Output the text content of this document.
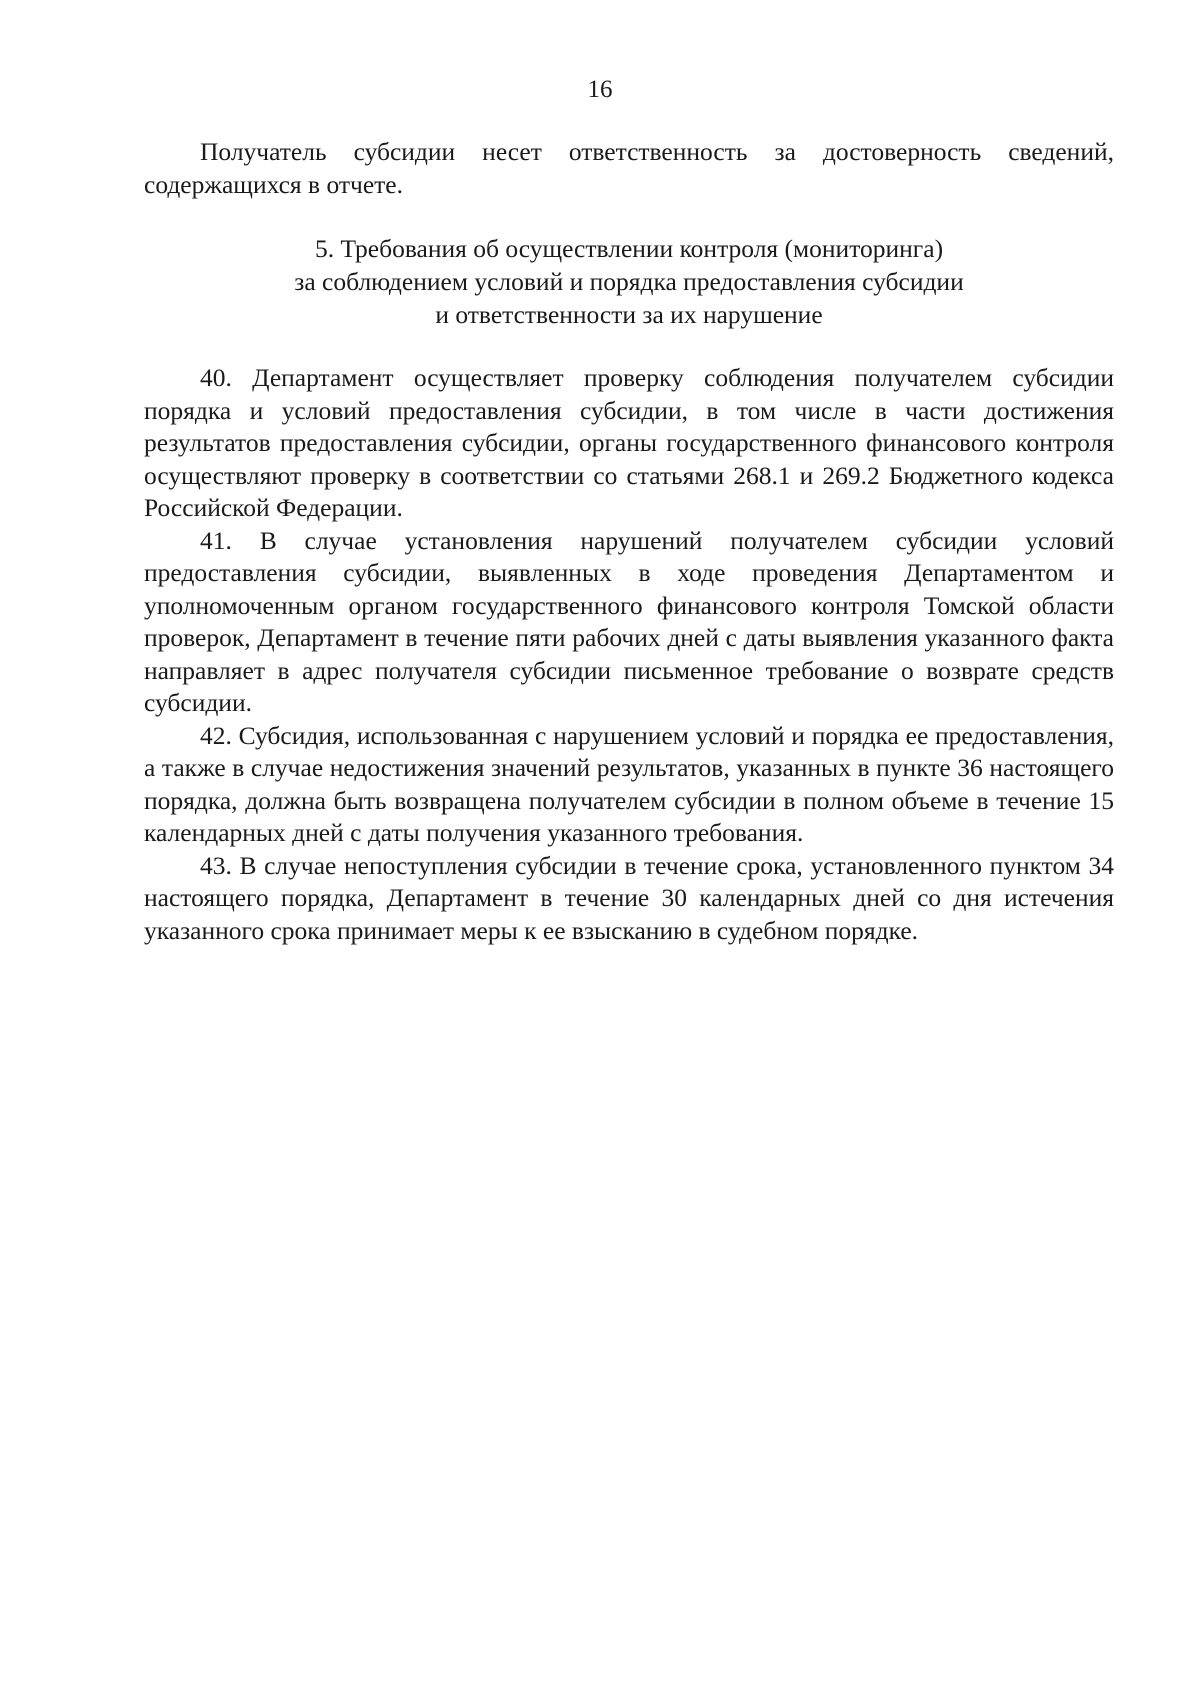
16

Получатель субсидии несет ответственность за достоверность сведений, содержащихся в отчете.

5. Требования об осуществлении контроля (мониторинга)
за соблюдением условий и порядка предоставления субсидии
и ответственности за их нарушение

40. Департамент осуществляет проверку соблюдения получателем субсидии порядка и условий предоставления субсидии, в том числе в части достижения результатов предоставления субсидии, органы государственного финансового контроля осуществляют проверку в соответствии со статьями 268.1 и 269.2 Бюджетного кодекса Российской Федерации.

41. В случае установления нарушений получателем субсидии условий предоставления субсидии, выявленных в ходе проведения Департаментом и уполномоченным органом государственного финансового контроля Томской области проверок, Департамент в течение пяти рабочих дней с даты выявления указанного факта направляет в адрес получателя субсидии письменное требование о возврате средств субсидии.

42. Субсидия, использованная с нарушением условий и порядка ее предоставления, а также в случае недостижения значений результатов, указанных в пункте 36 настоящего порядка, должна быть возвращена получателем субсидии в полном объеме в течение 15 календарных дней с даты получения указанного требования.

43. В случае непоступления субсидии в течение срока, установленного пунктом 34 настоящего порядка, Департамент в течение 30 календарных дней со дня истечения указанного срока принимает меры к ее взысканию в судебном порядке.
